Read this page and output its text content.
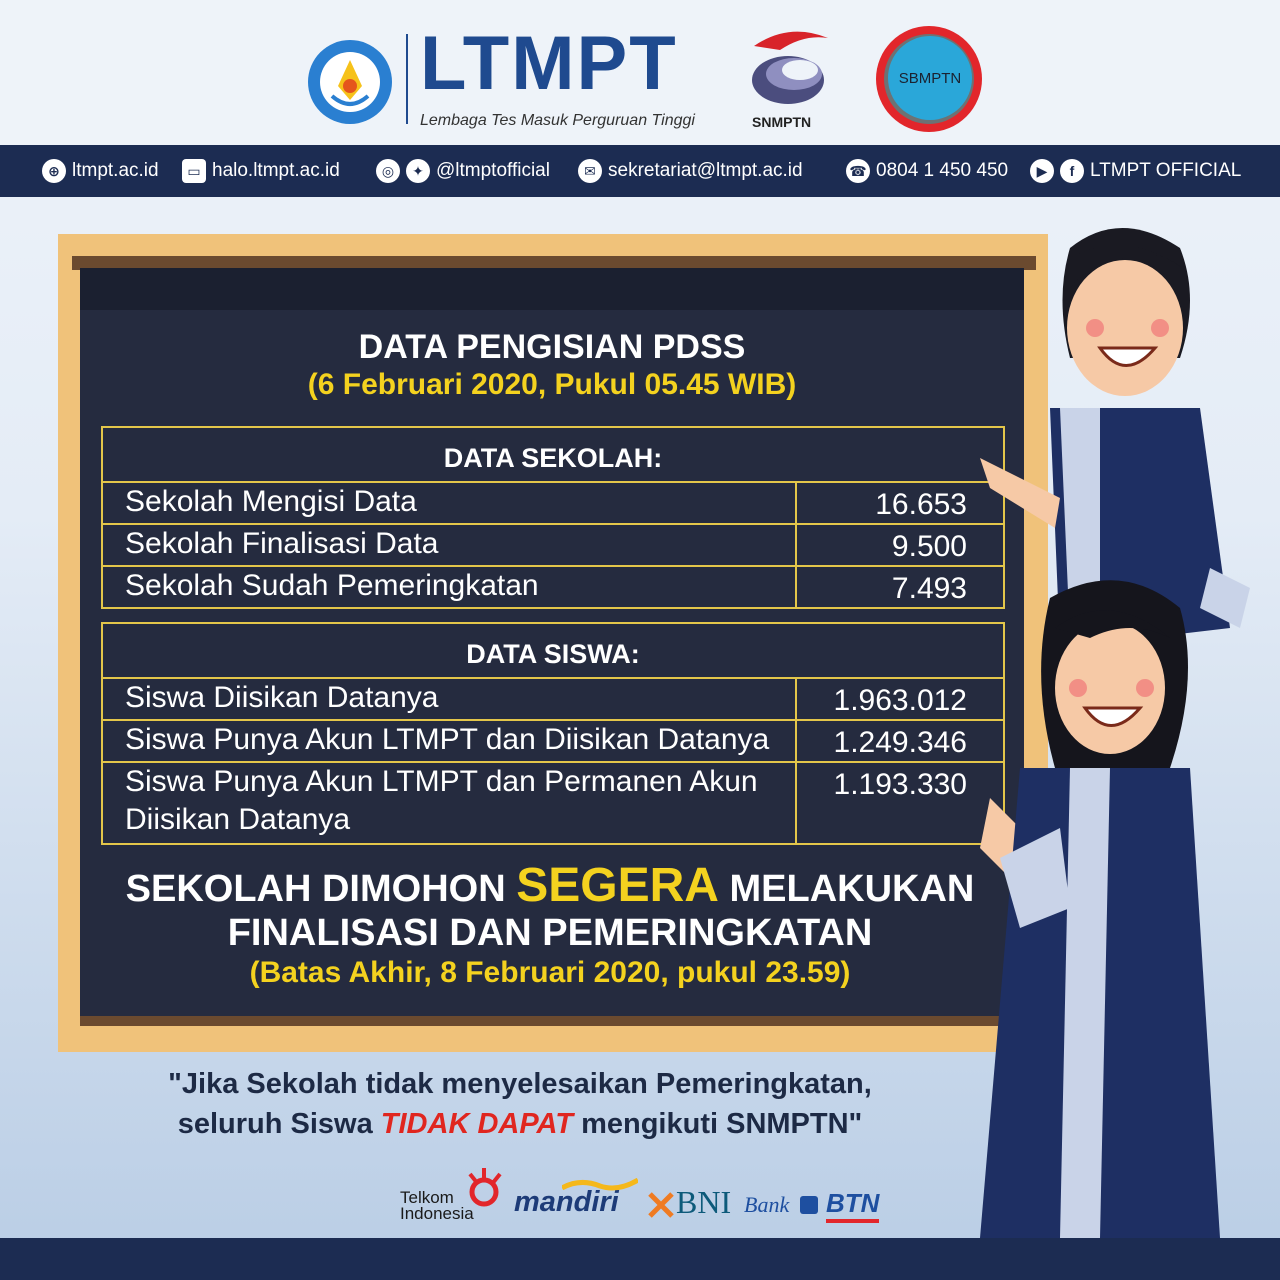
LTMPT
Lembaga Tes Masuk Perguruan Tinggi	SNMPTN
SBMPTN
⊕ ltmpt.ac.id	▭ halo.ltmpt.ac.id	◎	✦ @ltmptofficial	✉ sekretariat@ltmpt.ac.id	☎ 0804 1 450 450	▶	f LTMPT OFFICIAL
DATA PENGISIAN PDSS
(6 Februari 2020, Pukul 05.45 WIB)
DATA SEKOLAH:	
Sekolah Mengisi Data	16.653
Sekolah Finalisasi Data	9.500
Sekolah Sudah Pemeringkatan	7.493
DATA SISWA:	
Siswa Diisikan Datanya	1.963.012
Siswa Punya Akun LTMPT dan Diisikan Datanya	1.249.346
Siswa Punya Akun LTMPT dan Permanen Akun Diisikan Datanya	1.193.330
SEKOLAH DIMOHON SEGERA MELAKUKAN
FINALISASI DAN PEMERINGKATAN
(Batas Akhir, 8 Februari 2020, pukul 23.59)
"Jika Sekolah tidak menyelesaikan Pemeringkatan,
seluruh Siswa TIDAK DAPAT mengikuti SNMPTN"
Telkom
Indonesia mandiri BNI Bank BTN
